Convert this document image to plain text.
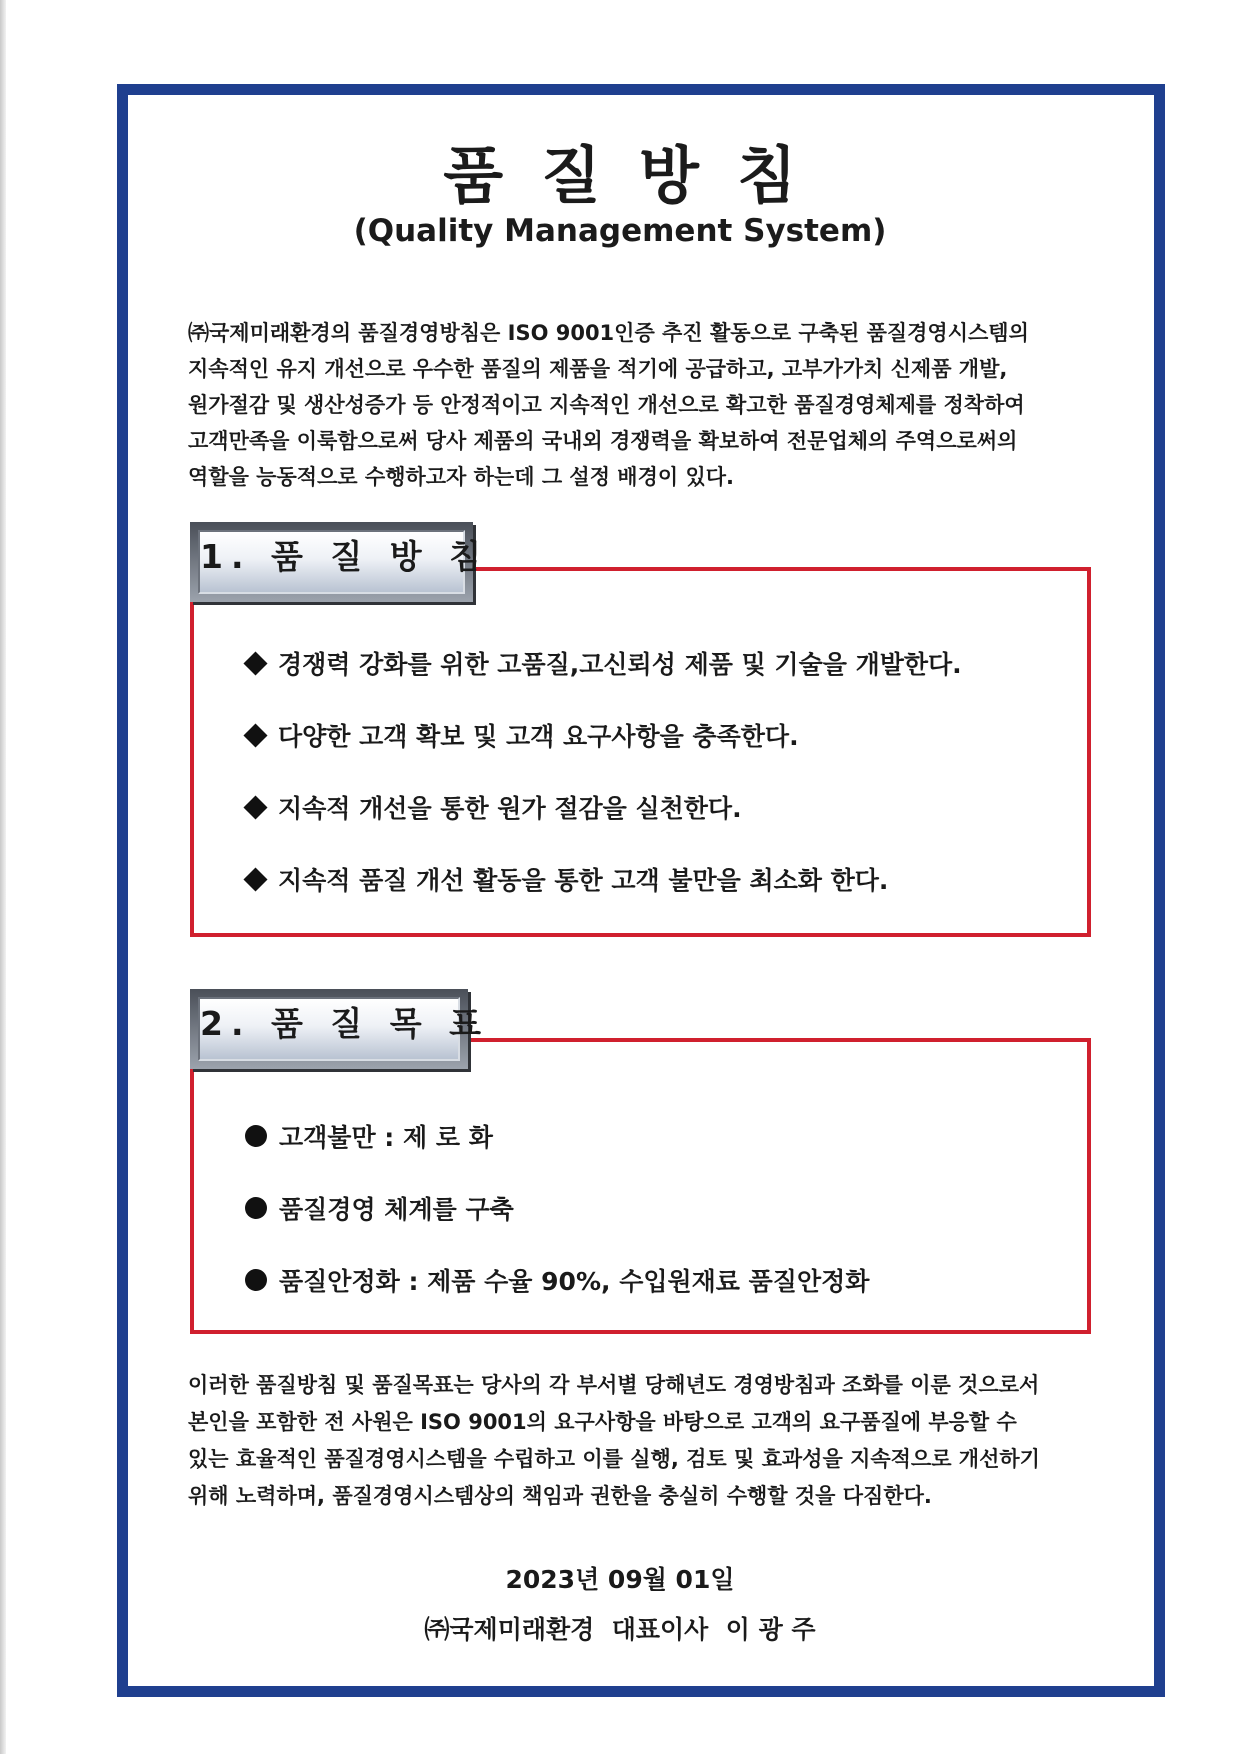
품질방침
(Quality Management System)

㈜국제미래환경의 품질경영방침은 ISO 9001인증 추진 활동으로 구축된 품질경영시스템의

지속적인 유지 개선으로 우수한 품질의 제품을 적기에 공급하고, 고부가가치 신제품 개발,

원가절감 및 생산성증가 등 안정적이고 지속적인 개선으로 확고한 품질경영체제를 정착하여

고객만족을 이룩함으로써 당사 제품의 국내외 경쟁력을 확보하여 전문업체의 주역으로써의

역할을 능동적으로 수행하고자 하는데 그 설정 배경이 있다.

1. 품 질 방 침
경쟁력 강화를 위한 고품질,고신뢰성 제품 및 기술을 개발한다.
다양한 고객 확보 및 고객 요구사항을 충족한다.
지속적 개선을 통한 원가 절감을 실천한다.
지속적 품질 개선 활동을 통한 고객 불만을 최소화 한다.
2. 품 질 목 표
고객불만 : 제 로 화
품질경영 체계를 구축
품질안정화 : 제품 수율 90%, 수입원재료 품질안정화

이러한 품질방침 및 품질목표는 당사의 각 부서별 당해년도 경영방침과 조화를 이룬 것으로서

본인을 포함한 전 사원은 ISO 9001의 요구사항을 바탕으로 고객의 요구품질에 부응할 수

있는 효율적인 품질경영시스템을 수립하고 이를 실행, 검토 및 효과성을 지속적으로 개선하기

위해 노력하며, 품질경영시스템상의 책임과 권한을 충실히 수행할 것을 다짐한다.

2023년 09월 01일
㈜국제미래환경  대표이사  이 광 주
